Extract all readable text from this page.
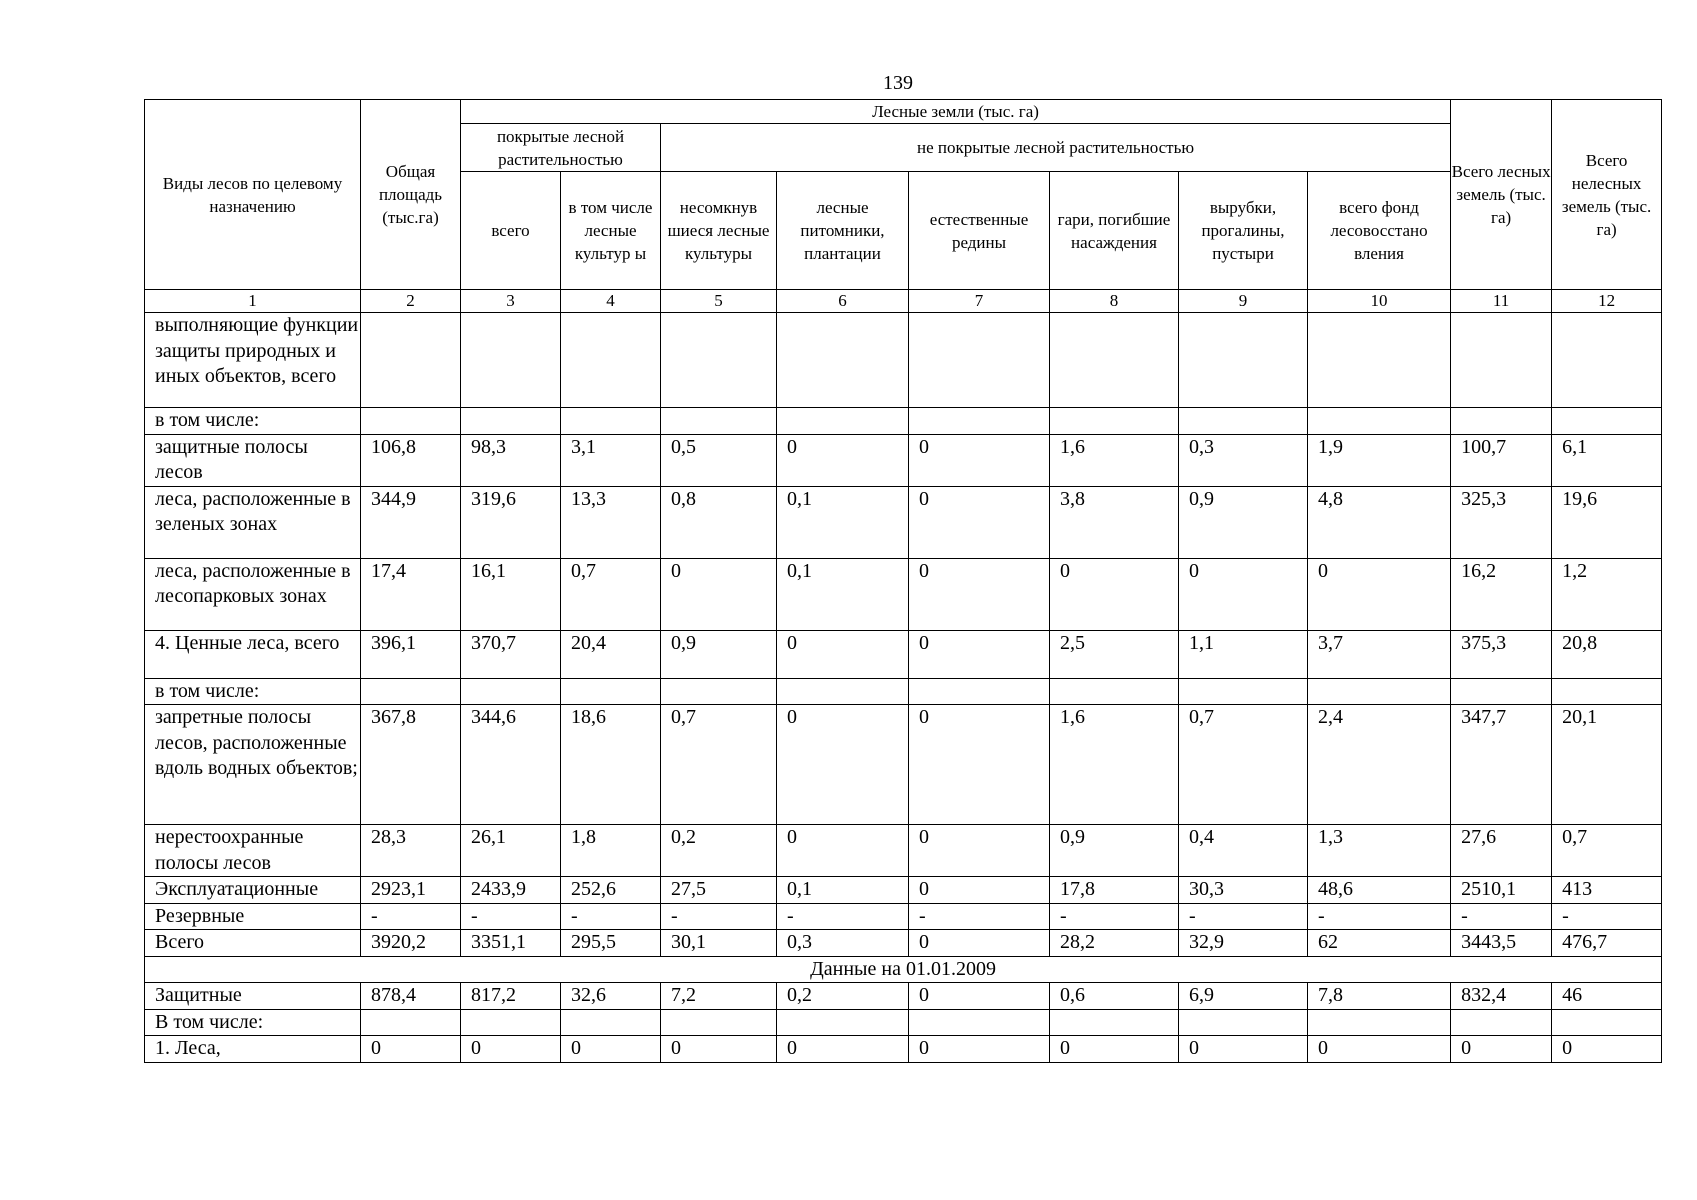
139
Виды лесов по целевому назначению	Общая площадь (тыс.га)	Лесные земли (тыс. га)								Всего лесных земель (тыс. га)	Всего нелесных земель (тыс. га)
		покрытые лесной растительностью		не покрытые лесной растительностью							
		всего	в том числе лесные культур ы	несомкнув шиеся лесные культуры	лесные питомники, плантации	естественные редины	гари, погибшие насаждения	вырубки, прогалины, пустыри	всего фонд лесовосстано вления		
1	2	3	4	5	6	7	8	9	10	11	12
выполняющие функции защиты природных и иных объектов, всего											
в том числе:											
защитные полосы лесов	106,8	98,3	3,1	0,5	0	0	1,6	0,3	1,9	100,7	6,1
леса, расположенные в зеленых зонах	344,9	319,6	13,3	0,8	0,1	0	3,8	0,9	4,8	325,3	19,6
леса, расположенные в лесопарковых зонах	17,4	16,1	0,7	0	0,1	0	0	0	0	16,2	1,2
4. Ценные леса, всего	396,1	370,7	20,4	0,9	0	0	2,5	1,1	3,7	375,3	20,8
в том числе:											
запретные полосы лесов, расположенные вдоль водных объектов;	367,8	344,6	18,6	0,7	0	0	1,6	0,7	2,4	347,7	20,1
нерестоохранные полосы лесов	28,3	26,1	1,8	0,2	0	0	0,9	0,4	1,3	27,6	0,7
Эксплуатационные	2923,1	2433,9	252,6	27,5	0,1	0	17,8	30,3	48,6	2510,1	413
Резервные	-	-	-	-	-	-	-	-	-	-	-
Всего	3920,2	3351,1	295,5	30,1	0,3	0	28,2	32,9	62	3443,5	476,7
Данные на 01.01.2009											
Защитные	878,4	817,2	32,6	7,2	0,2	0	0,6	6,9	7,8	832,4	46
В том числе:											
1. Леса,	0	0	0	0	0	0	0	0	0	0	0
